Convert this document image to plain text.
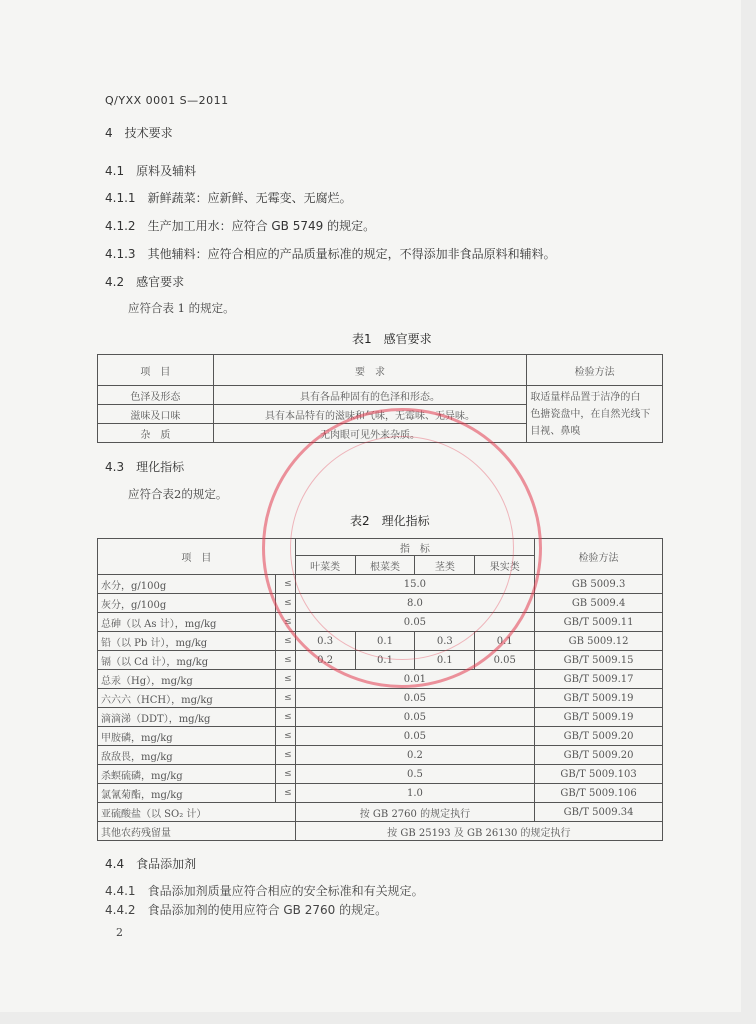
Q/YXX 0001 S—2011
4　 技术要求
4.1　 原料及辅料
4.1.1　 新鲜蔬菜：应新鲜、无霉变、无腐烂。
4.1.2　 生产加工用水：应符合 GB 5749 的规定。
4.1.3　 其他辅料：应符合相应的产品质量标准的规定，不得添加非食品原料和辅料。
4.2　 感官要求
应符合表 1 的规定。
表1　感官要求
项　目	要　求	检验方法
色泽及形态	具有各品种固有的色泽和形态。	取适量样品置于洁净的白
色搪瓷盘中，在自然光线下
目视、鼻嗅

滋味及口味	具有本品特有的滋味和气味，无霉味、无异味。	
杂　质	无肉眼可见外来杂质。	
4.3　 理化指标
应符合表2的规定。
表2　理化指标
项　目		指　标				检验方法
		叶菜类	根菜类	茎类	果实类	
水分，g/100g	≤	15.0				GB 5009.3
灰分，g/100g	≤	8.0				GB 5009.4
总砷（以 As 计），mg/kg	≤	0.05				GB/T 5009.11
铅（以 Pb 计），mg/kg	≤	0.3	0.1	0.3	0.1	GB 5009.12
镉（以 Cd 计），mg/kg	≤	0.2	0.1	0.1	0.05	GB/T 5009.15
总汞（Hg），mg/kg	≤	0.01				GB/T 5009.17
六六六（HCH），mg/kg	≤	0.05				GB/T 5009.19
滴滴涕（DDT），mg/kg	≤	0.05				GB/T 5009.19
甲胺磷，mg/kg	≤	0.05				GB/T 5009.20
敌敌畏，mg/kg	≤	0.2				GB/T 5009.20
杀螟硫磷，mg/kg	≤	0.5				GB/T 5009.103
氯氰菊酯，mg/kg	≤	1.0				GB/T 5009.106
亚硫酸盐（以 SO₂ 计）		按 GB 2760 的规定执行				GB/T 5009.34
其他农药残留量		按 GB 25193 及 GB 26130 的规定执行				
4.4　 食品添加剂
4.4.1　 食品添加剂质量应符合相应的安全标准和有关规定。
4.4.2　 食品添加剂的使用应符合 GB 2760 的规定。
2
